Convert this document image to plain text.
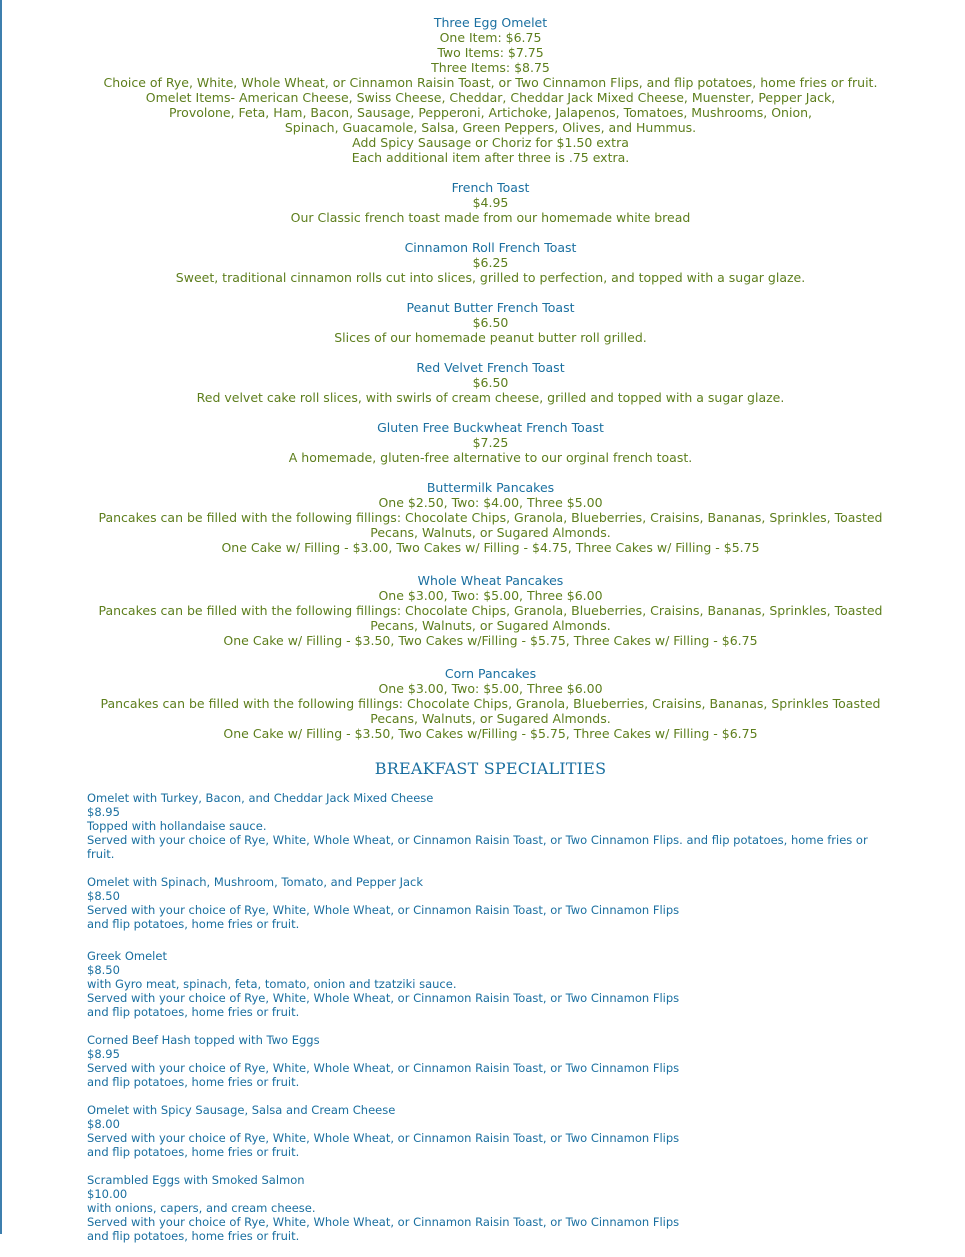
Three Egg Omelet
One Item: $6.75
Two Items: $7.75
Three Items: $8.75
Choice of Rye, White, Whole Wheat, or Cinnamon Raisin Toast, or Two Cinnamon Flips, and flip potatoes, home fries or fruit.
Omelet Items- American Cheese, Swiss Cheese, Cheddar, Cheddar Jack Mixed Cheese, Muenster, Pepper Jack,
Provolone, Feta, Ham, Bacon, Sausage, Pepperoni, Artichoke, Jalapenos, Tomatoes, Mushrooms, Onion,
Spinach, Guacamole, Salsa, Green Peppers, Olives, and Hummus.
Add Spicy Sausage or Choriz for $1.50 extra
Each additional item after three is .75 extra.
French Toast
$4.95
Our Classic french toast made from our homemade white bread
Cinnamon Roll French Toast
$6.25
Sweet, traditional cinnamon rolls cut into slices, grilled to perfection, and topped with a sugar glaze.
Peanut Butter French Toast
$6.50
Slices of our homemade peanut butter roll grilled.
Red Velvet French Toast
$6.50
Red velvet cake roll slices, with swirls of cream cheese, grilled and topped with a sugar glaze.
Gluten Free Buckwheat French Toast
$7.25
A homemade, gluten-free alternative to our orginal french toast.
Buttermilk Pancakes
One $2.50, Two: $4.00, Three $5.00
Pancakes can be filled with the following fillings: Chocolate Chips, Granola, Blueberries, Craisins, Bananas, Sprinkles, Toasted
Pecans, Walnuts, or Sugared Almonds.
One Cake w/ Filling - $3.00, Two Cakes w/ Filling - $4.75, Three Cakes w/ Filling - $5.75
Whole Wheat Pancakes
One $3.00, Two: $5.00, Three $6.00
Pancakes can be filled with the following fillings: Chocolate Chips, Granola, Blueberries, Craisins, Bananas, Sprinkles, Toasted
Pecans, Walnuts, or Sugared Almonds.
One Cake w/ Filling - $3.50, Two Cakes w/Filling - $5.75, Three Cakes w/ Filling - $6.75
Corn Pancakes
One $3.00, Two: $5.00, Three $6.00
Pancakes can be filled with the following fillings: Chocolate Chips, Granola, Blueberries, Craisins, Bananas, Sprinkles Toasted
Pecans, Walnuts, or Sugared Almonds.
One Cake w/ Filling - $3.50, Two Cakes w/Filling - $5.75, Three Cakes w/ Filling - $6.75
BREAKFAST SPECIALITIES
Omelet with Turkey, Bacon, and Cheddar Jack Mixed Cheese
$8.95
Topped with hollandaise sauce.
Served with your choice of Rye, White, Whole Wheat, or Cinnamon Raisin Toast, or Two Cinnamon Flips. and flip potatoes, home fries or
fruit.
Omelet with Spinach, Mushroom, Tomato, and Pepper Jack
$8.50
Served with your choice of Rye, White, Whole Wheat, or Cinnamon Raisin Toast, or Two Cinnamon Flips
and flip potatoes, home fries or fruit.
Greek Omelet
$8.50
with Gyro meat, spinach, feta, tomato, onion and tzatziki sauce.
Served with your choice of Rye, White, Whole Wheat, or Cinnamon Raisin Toast, or Two Cinnamon Flips
and flip potatoes, home fries or fruit.
Corned Beef Hash topped with Two Eggs
$8.95
Served with your choice of Rye, White, Whole Wheat, or Cinnamon Raisin Toast, or Two Cinnamon Flips
and flip potatoes, home fries or fruit.
Omelet with Spicy Sausage, Salsa and Cream Cheese
$8.00
Served with your choice of Rye, White, Whole Wheat, or Cinnamon Raisin Toast, or Two Cinnamon Flips
and flip potatoes, home fries or fruit.
Scrambled Eggs with Smoked Salmon
$10.00
with onions, capers, and cream cheese.
Served with your choice of Rye, White, Whole Wheat, or Cinnamon Raisin Toast, or Two Cinnamon Flips
and flip potatoes, home fries or fruit.
